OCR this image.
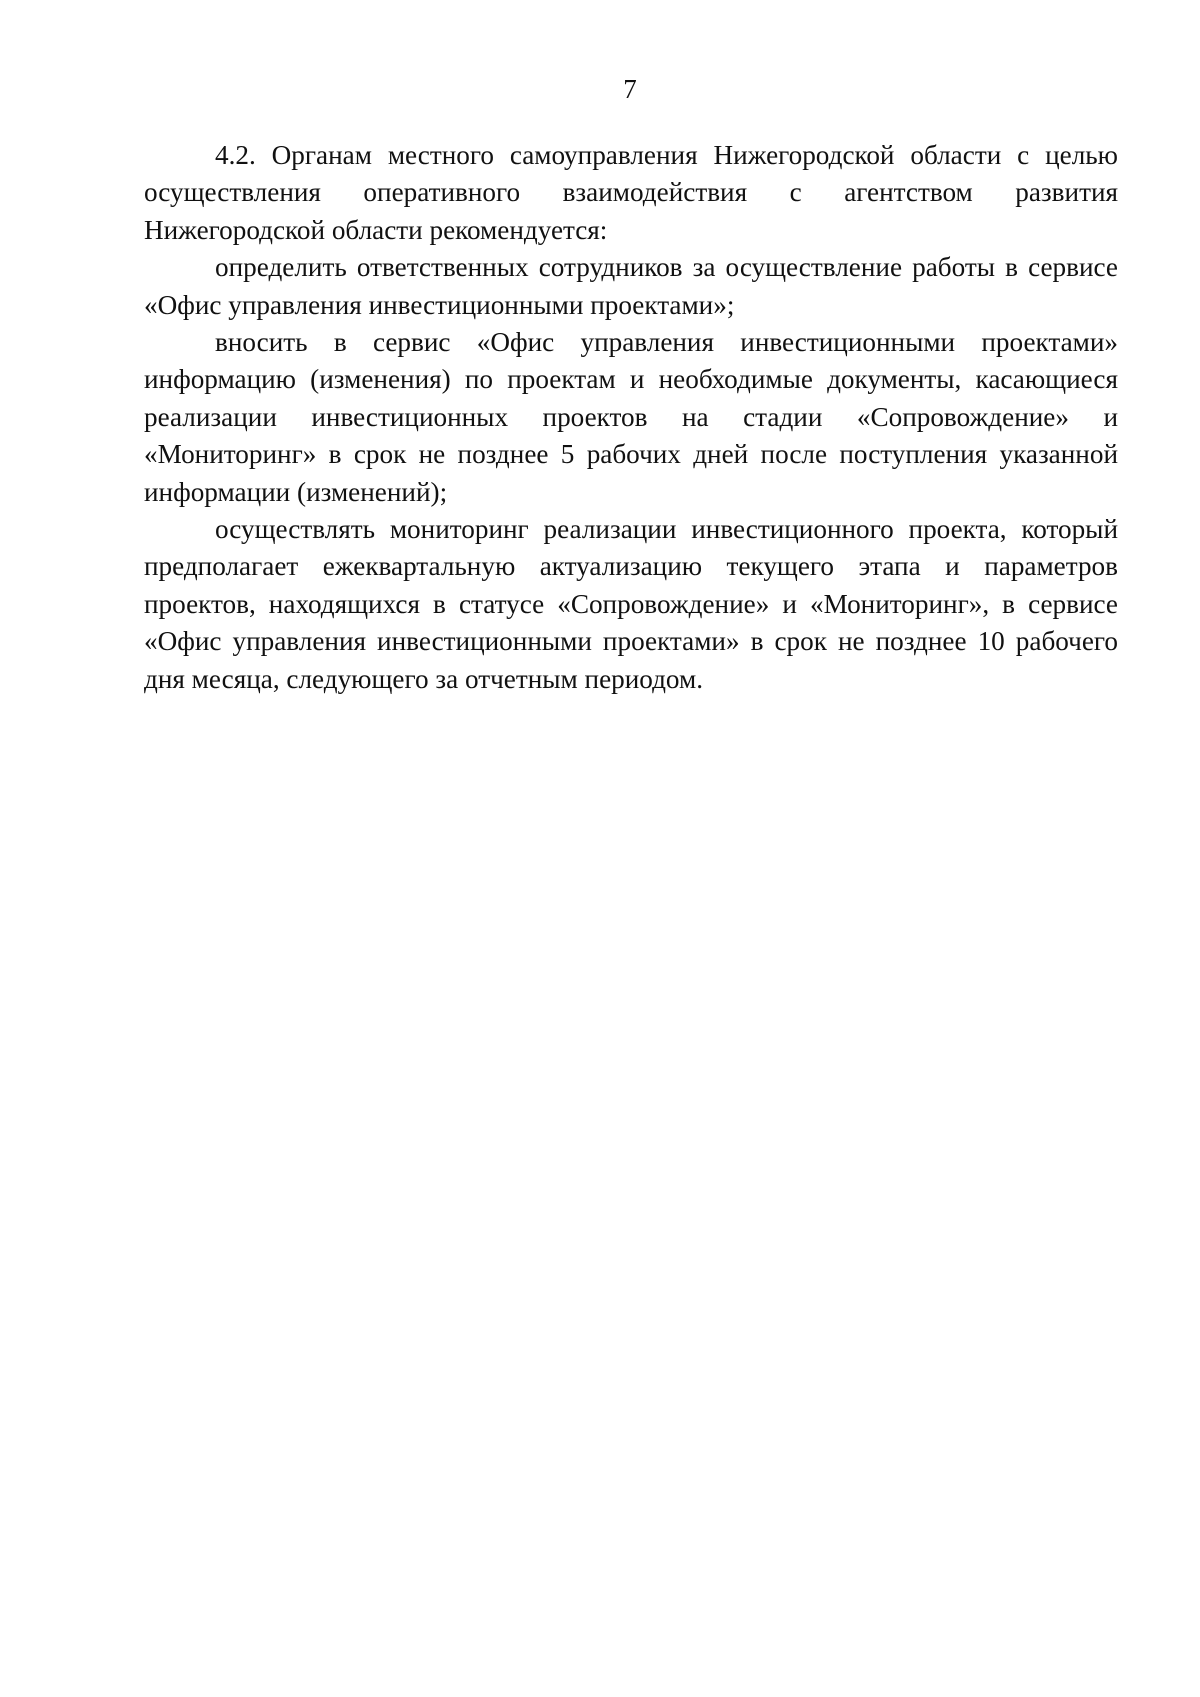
7

4.2. Органам местного самоуправления Нижегородской области с целью осуществления оперативного взаимодействия с агентством развития Нижегородской области рекомендуется:

определить ответственных сотрудников за осуществление работы в сервисе «Офис управления инвестиционными проектами»;

вносить в сервис «Офис управления инвестиционными проектами» информацию (изменения) по проектам и необходимые документы, касающиеся реализации инвестиционных проектов на стадии «Сопровождение» и «Мониторинг» в срок не позднее 5 рабочих дней после поступления указанной информации (изменений);

осуществлять мониторинг реализации инвестиционного проекта, который предполагает ежеквартальную актуализацию текущего этапа и параметров проектов, находящихся в статусе «Сопровождение» и «Мониторинг», в сервисе «Офис управления инвестиционными проектами» в срок не позднее 10 рабочего дня месяца, следующего за отчетным периодом.
